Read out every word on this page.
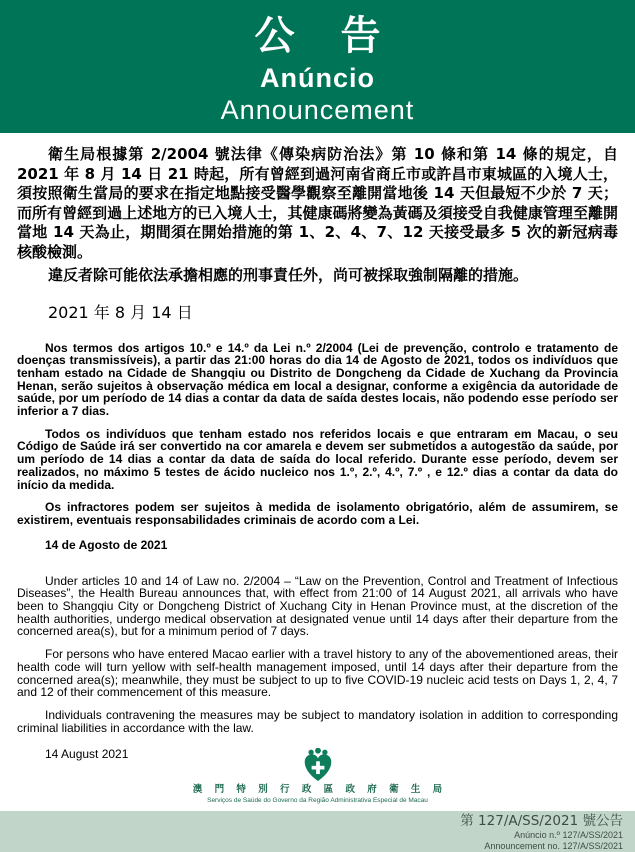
公 告
Anúncio
Announcement

衛生局根據第 2/2004 號法律《傳染病防治法》第 10 條和第 14 條的規定，自 2021 年 8 月 14 日 21 時起，所有曾經到過河南省商丘市或許昌市東城區的入境人士，須按照衛生當局的要求在指定地點接受醫學觀察至離開當地後 14 天但最短不少於 7 天；而所有曾經到過上述地方的已入境人士，其健康碼將變為黃碼及須接受自我健康管理至離開當地 14 天為止，期間須在開始措施的第 1、2、4、7、12 天接受最多 5 次的新冠病毒核酸檢測。

違反者除可能依法承擔相應的刑事責任外，尚可被採取強制隔離的措施。

2021 年 8 月 14 日

Nos termos dos artigos 10.º e 14.º da Lei n.º 2/2004 (Lei de prevenção, controlo e tratamento de doenças transmissíveis), a partir das 21:00 horas do dia 14 de Agosto de 2021, todos os indivíduos que tenham estado na Cidade de Shangqiu ou Distrito de Dongcheng da Cidade de Xuchang da Provincia Henan, serão sujeitos à observação médica em local a designar, conforme a exigência da autoridade de saúde, por um período de 14 dias a contar da data de saída destes locais, não podendo esse período ser inferior a 7 dias.

Todos os indivíduos que tenham estado nos referidos locais e que entraram em Macau, o seu Código de Saúde irá ser convertido na cor amarela e devem ser submetidos a autogestão da saúde, por um período de 14 dias a contar da data de saída do local referido. Durante esse período, devem ser realizados, no máximo 5 testes de ácido nucleico nos 1.º, 2.º, 4.º, 7.º , e 12.º dias a contar da data do início da medida.

Os infractores podem ser sujeitos à medida de isolamento obrigatório, além de assumirem, se existirem, eventuais responsabilidades criminais de acordo com a Lei.

14 de Agosto de 2021

Under articles 10 and 14 of Law no. 2/2004 – “Law on the Prevention, Control and Treatment of Infectious Diseases”, the Health Bureau announces that, with effect from 21:00 of 14 August 2021, all arrivals who have been to Shangqiu City or Dongcheng District of Xuchang City in Henan Province must, at the discretion of the health authorities, undergo medical observation at designated venue until 14 days after their departure from the concerned area(s), but for a minimum period of 7 days.

For persons who have entered Macao earlier with a travel history to any of the abovementioned areas, their health code will turn yellow with self-health management imposed, until 14 days after their departure from the concerned area(s); meanwhile, they must be subject to up to five COVID-19 nucleic acid tests on Days 1, 2, 4, 7 and 12 of their commencement of this measure.

Individuals contravening the measures may be subject to mandatory isolation in addition to corresponding criminal liabilities in accordance with the law.

14 August 2021

澳 門 特 別 行 政 區 政 府 衛 生 局
Serviços de Saúde do Governo da Região Administrativa Especial de Macau
第 127/A/SS/2021 號公告
Anúncio n.º 127/A/SS/2021
Announcement no. 127/A/SS/2021
